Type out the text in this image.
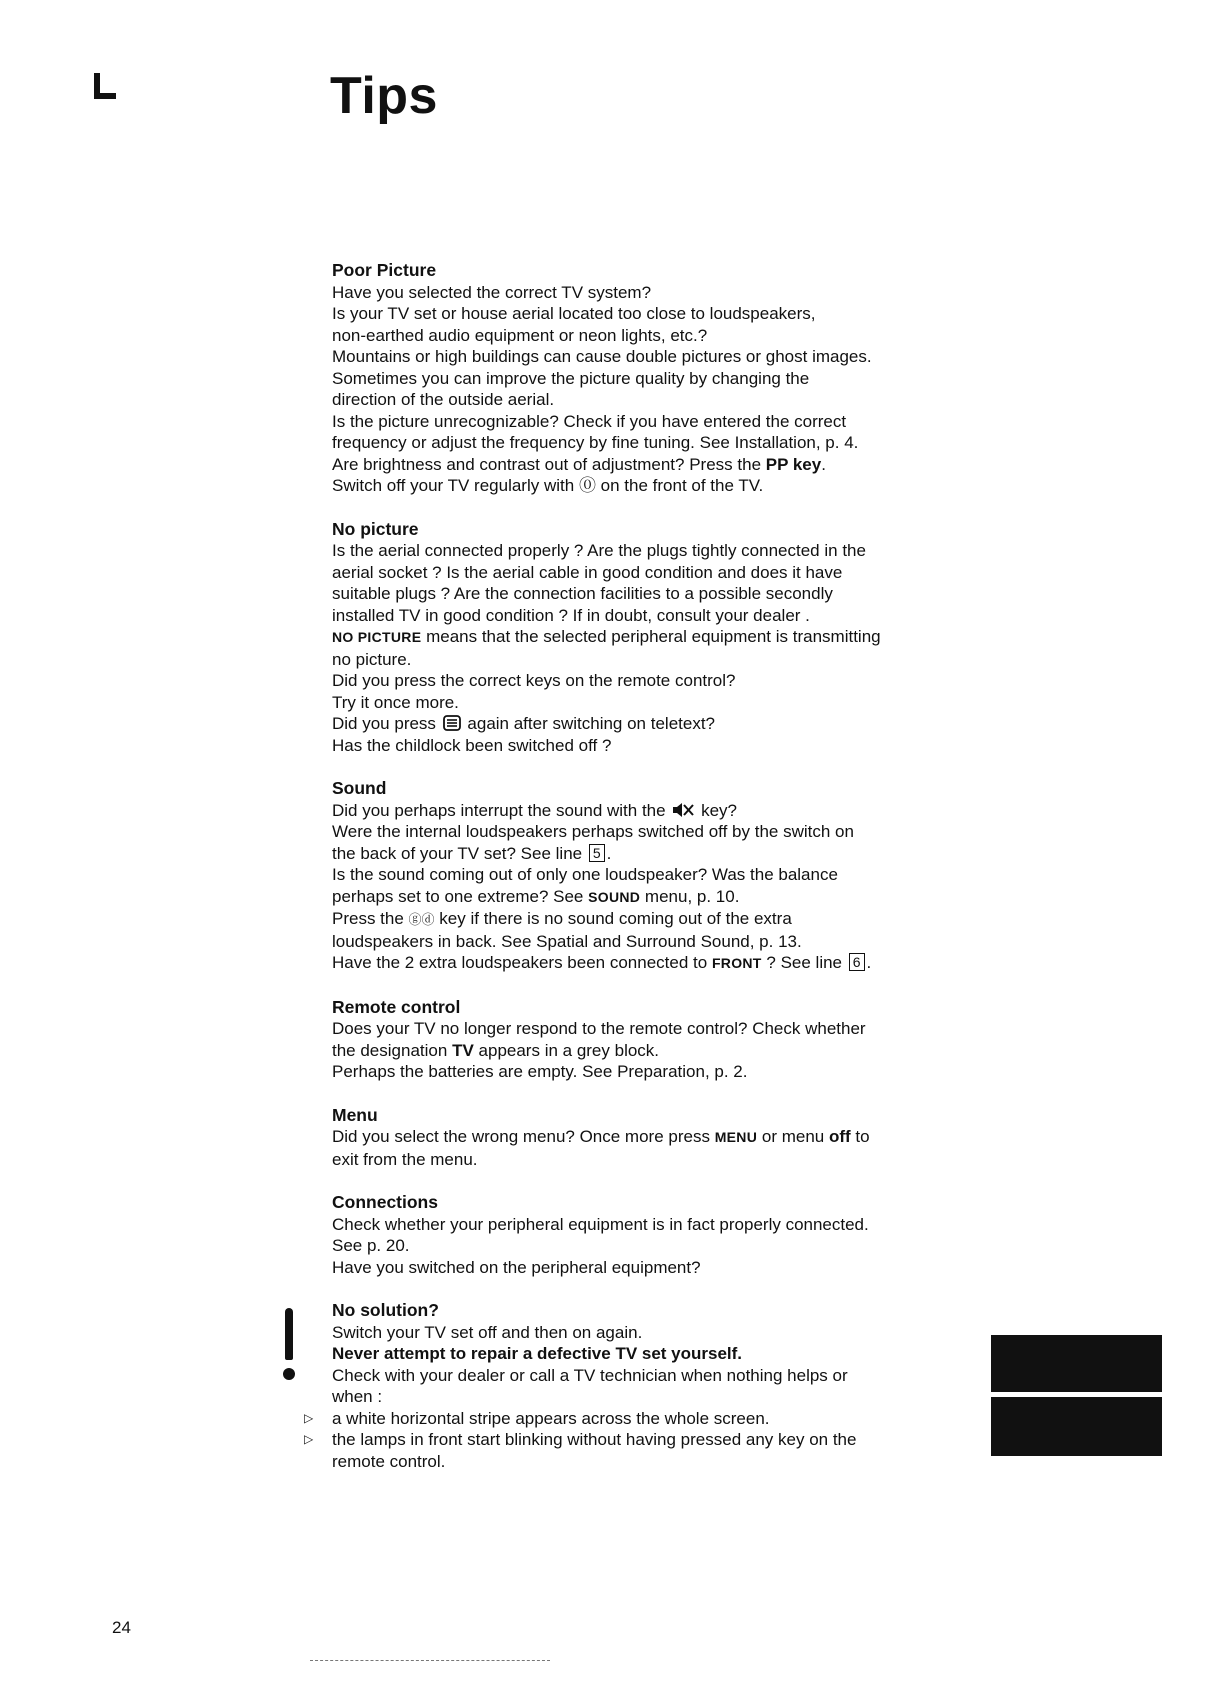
Tips
Poor Picture
Have you selected the correct TV system?
Is your TV set or house aerial located too close to loudspeakers,
non-earthed audio equipment or neon lights, etc.?
Mountains or high buildings can cause double pictures or ghost images.
Sometimes you can improve the picture quality by changing the
direction of the outside aerial.
Is the picture unrecognizable? Check if you have entered the correct
frequency or adjust the frequency by fine tuning. See Installation, p. 4.
Are brightness and contrast out of adjustment? Press the PP key.
Switch off your TV regularly with ⓪ on the front of the TV.
No picture
Is the aerial connected properly ? Are the plugs tightly connected in the
aerial socket ? Is the aerial cable in good condition and does it have
suitable plugs ? Are the connection facilities to a possible secondly
installed TV in good condition ? If in doubt, consult your dealer .
NO PICTURE means that the selected peripheral equipment is transmitting
no picture.
Did you press the correct keys on the remote control?
Try it once more.
Did you press again after switching on teletext?
Has the childlock been switched off ?
Sound
Did you perhaps interrupt the sound with the key?
Were the internal loudspeakers perhaps switched off by the switch on
the back of your TV set? See line 5 .
Is the sound coming out of only one loudspeaker? Was the balance
perhaps set to one extreme? See SOUND menu, p. 10.
Press the ⓖⓓ key if there is no sound coming out of the extra
loudspeakers in back. See Spatial and Surround Sound, p. 13.
Have the 2 extra loudspeakers been connected to FRONT ? See line 6 .
Remote control
Does your TV no longer respond to the remote control? Check whether
the designation TV appears in a grey block.
Perhaps the batteries are empty. See Preparation, p. 2.
Menu
Did you select the wrong menu? Once more press MENU or menu off to
exit from the menu.
Connections
Check whether your peripheral equipment is in fact properly connected.
See p. 20.
Have you switched on the peripheral equipment?
No solution?
Switch your TV set off and then on again.
Never attempt to repair a defective TV set yourself.
Check with your dealer or call a TV technician when nothing helps or
when :
▷ a white horizontal stripe appears across the whole screen.
▷ the lamps in front start blinking without having pressed any key on the
remote control.
24
